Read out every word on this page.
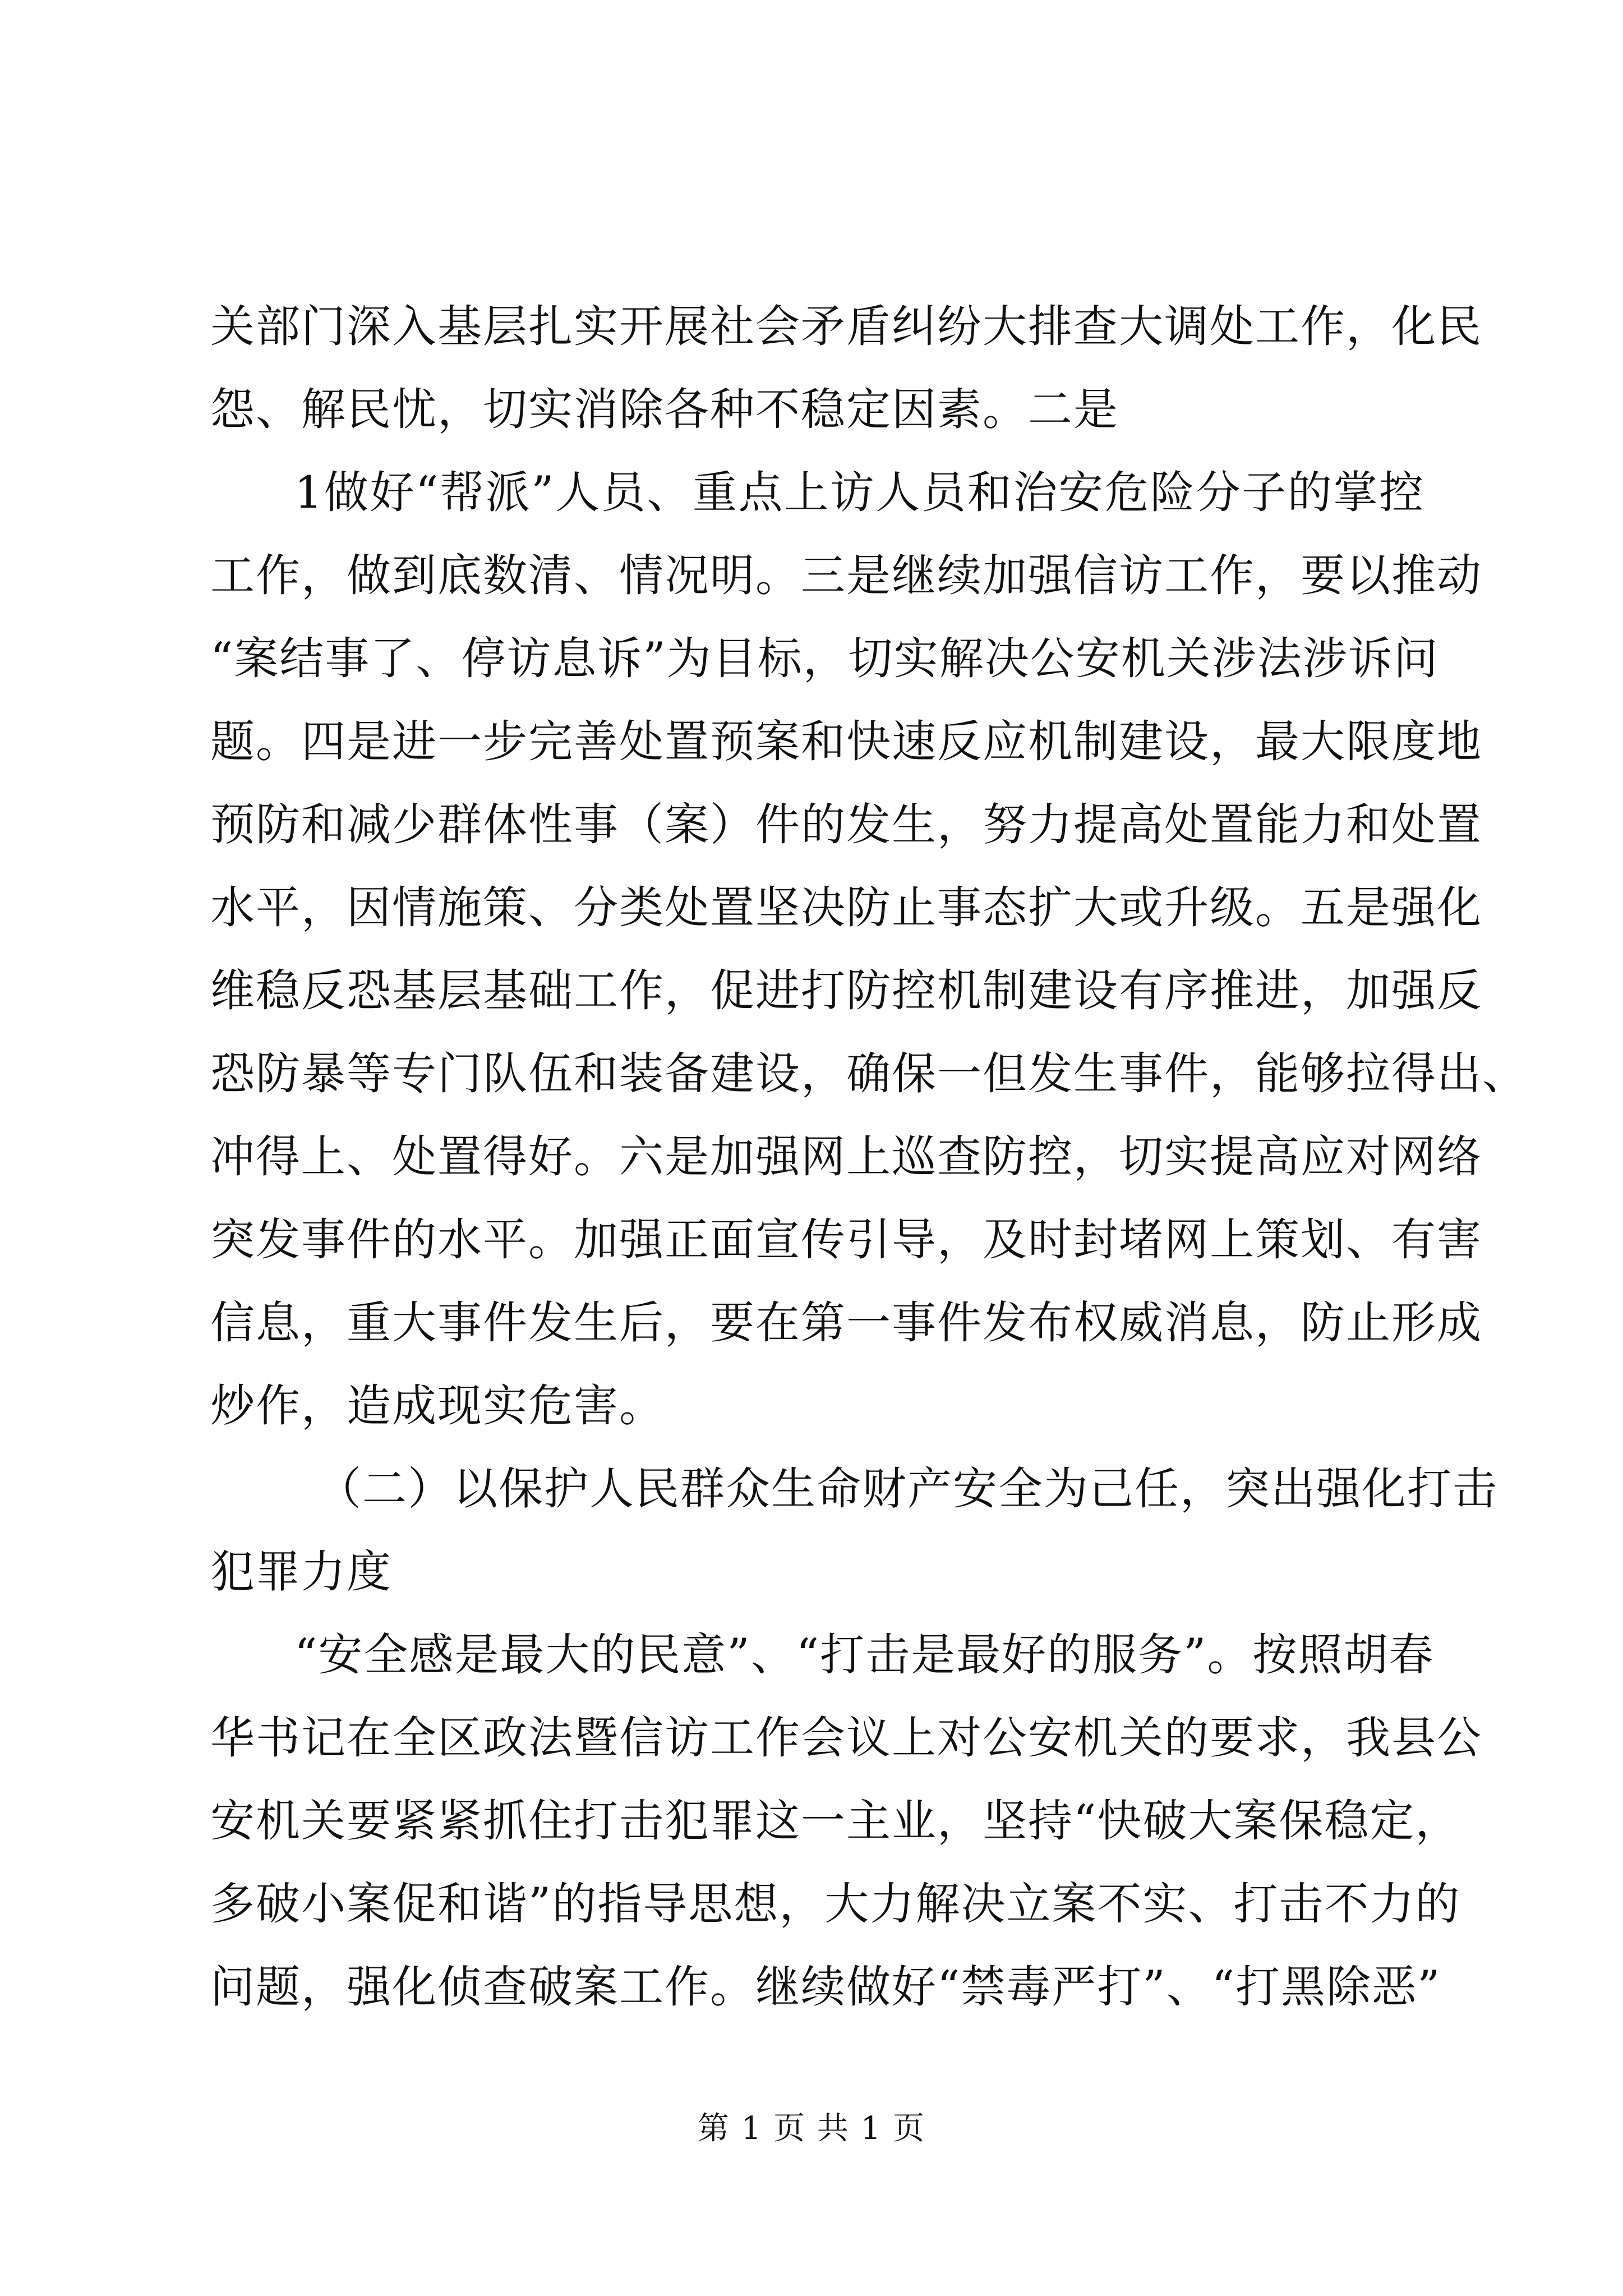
关部门深入基层扎实开展社会矛盾纠纷大排查大调处工作，化民
怨、解民忧，切实消除各种不稳定因素。二是
1做好“帮派”人员、重点上访人员和治安危险分子的掌控
工作，做到底数清、情况明。三是继续加强信访工作，要以推动
“案结事了、停访息诉”为目标，切实解决公安机关涉法涉诉问
题。四是进一步完善处置预案和快速反应机制建设，最大限度地
预防和减少群体性事（案）件的发生，努力提高处置能力和处置
水平，因情施策、分类处置坚决防止事态扩大或升级。五是强化
维稳反恐基层基础工作，促进打防控机制建设有序推进，加强反
恐防暴等专门队伍和装备建设，确保一但发生事件，能够拉得出、
冲得上、处置得好。六是加强网上巡查防控，切实提高应对网络
突发事件的水平。加强正面宣传引导，及时封堵网上策划、有害
信息，重大事件发生后，要在第一事件发布权威消息，防止形成
炒作，造成现实危害。
（二）以保护人民群众生命财产安全为己任，突出强化打击
犯罪力度
“安全感是最大的民意”、“打击是最好的服务”。按照胡春
华书记在全区政法暨信访工作会议上对公安机关的要求，我县公
安机关要紧紧抓住打击犯罪这一主业，坚持“快破大案保稳定，
多破小案促和谐”的指导思想，大力解决立案不实、打击不力的
问题，强化侦查破案工作。继续做好“禁毒严打”、“打黑除恶”
第 1 页 共 1 页
